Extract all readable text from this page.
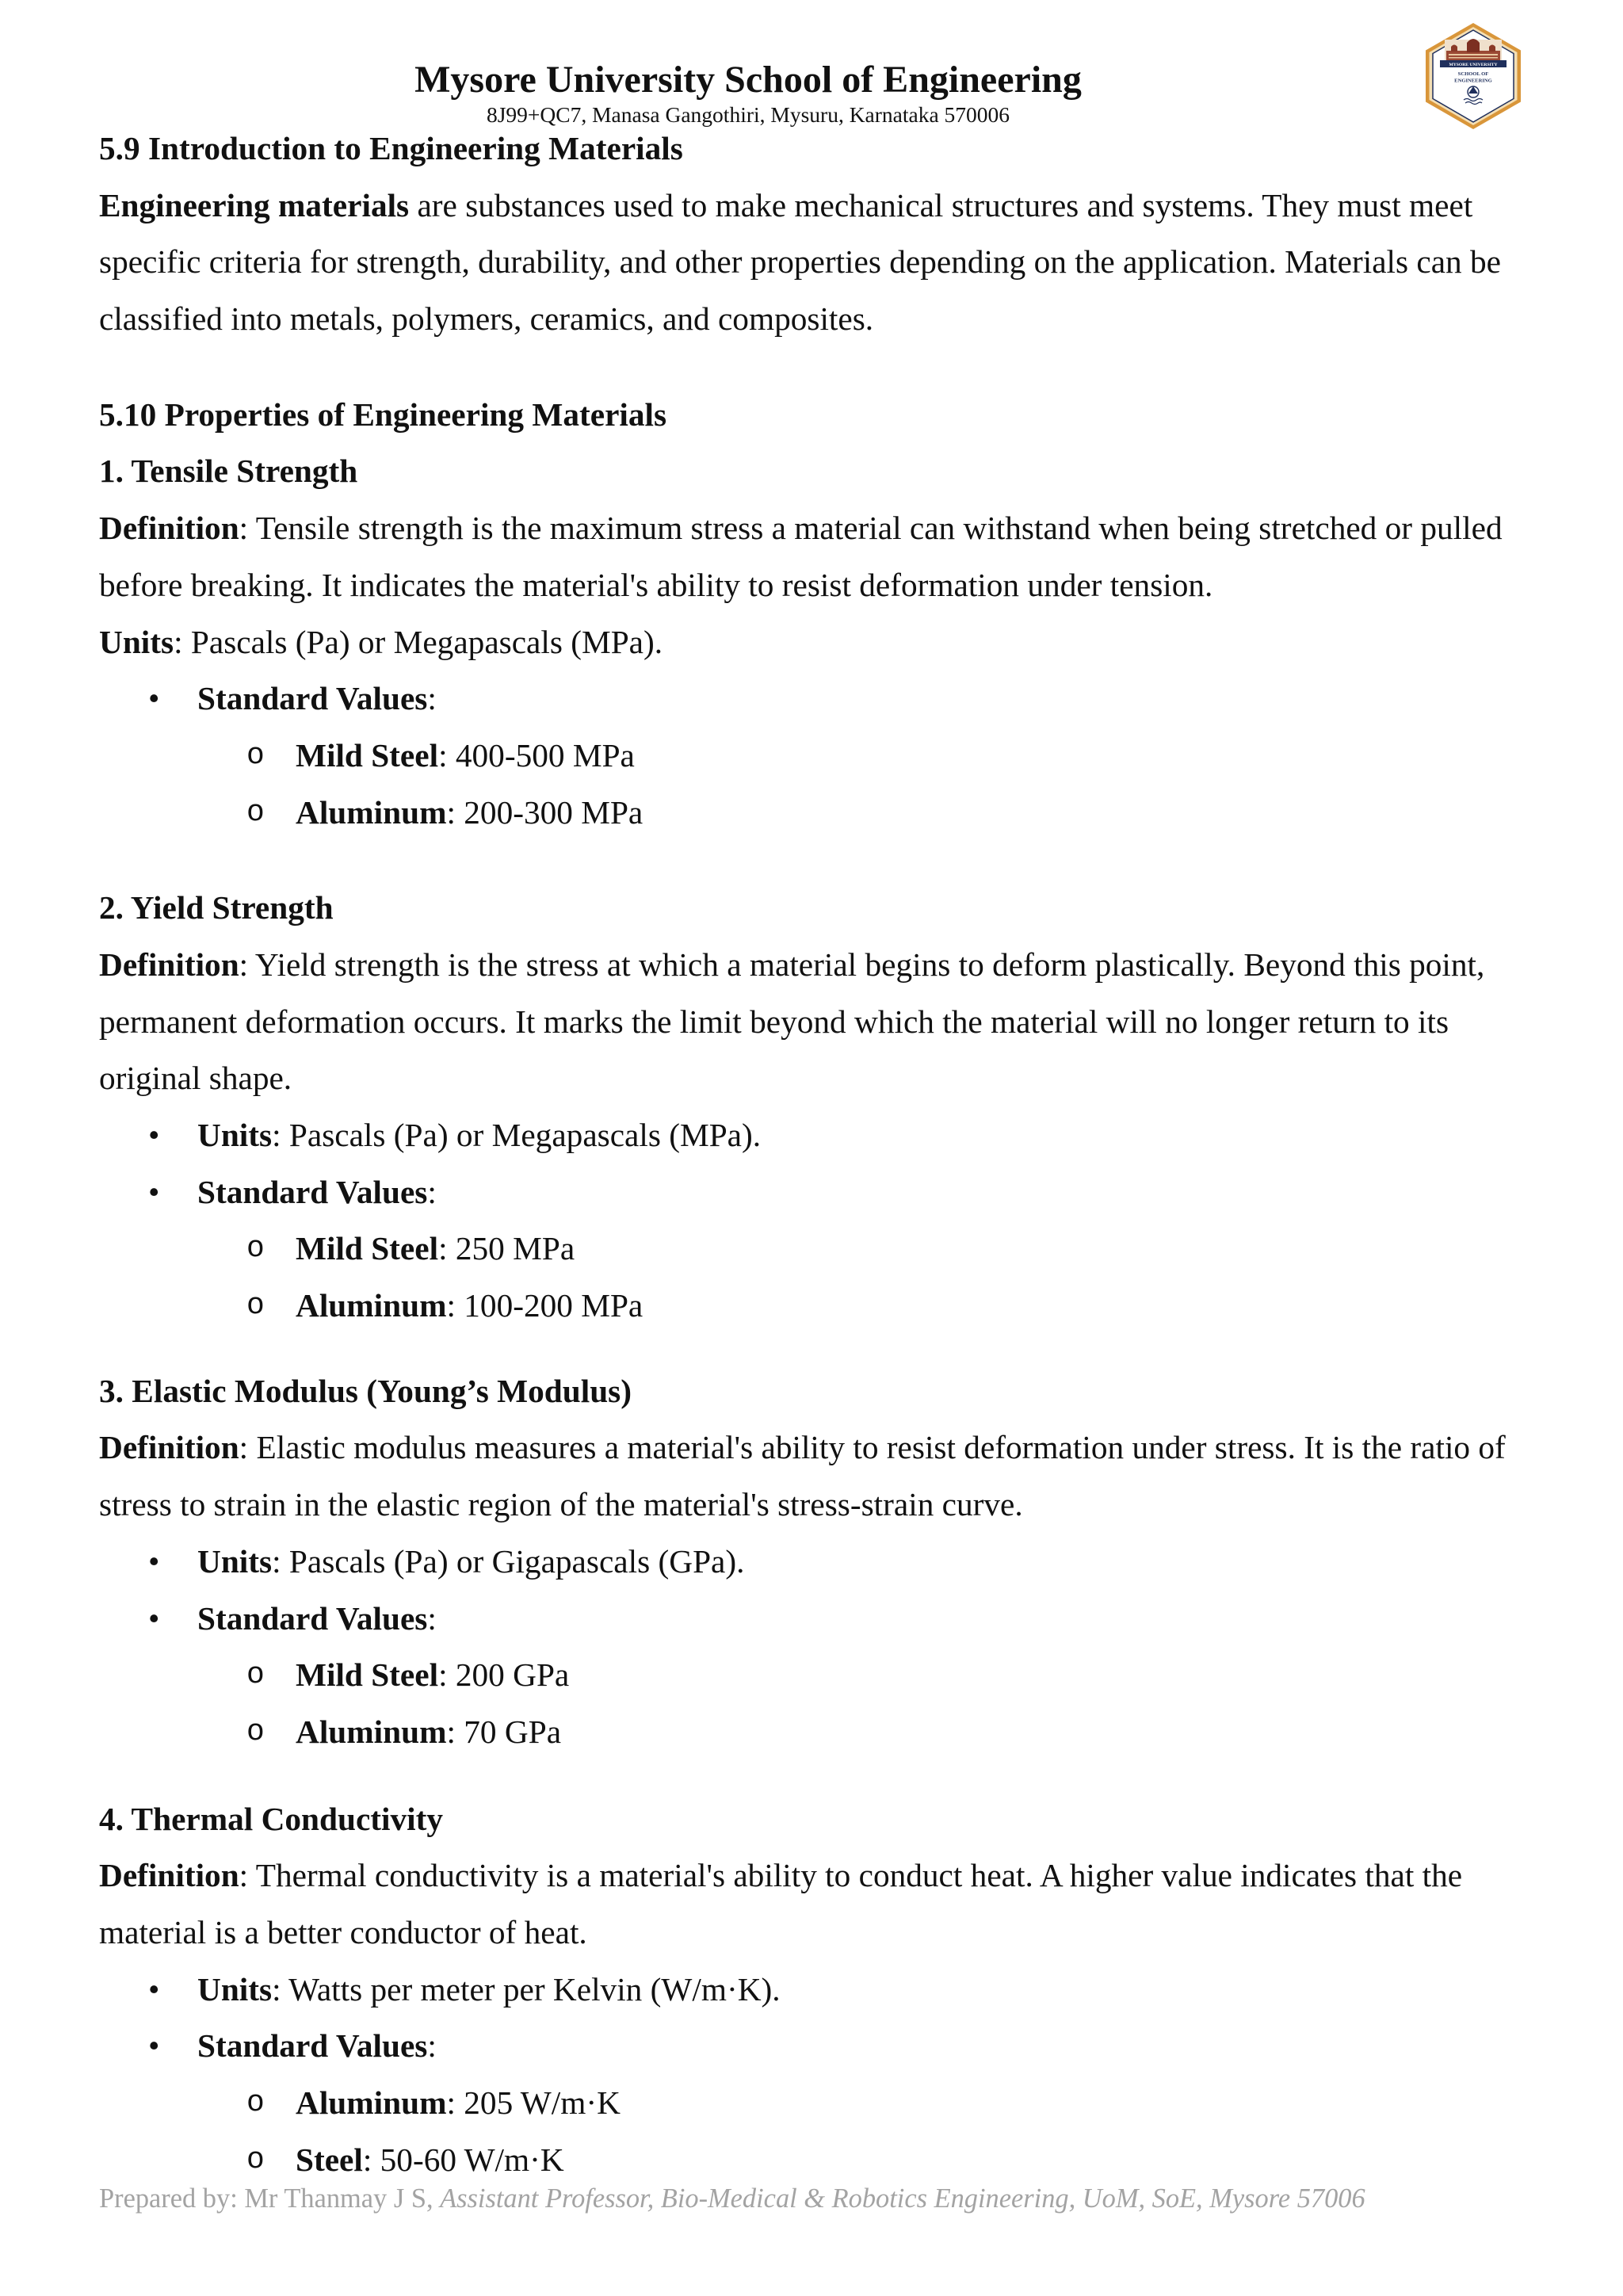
Mysore University School of Engineering
8J99+QC7, Manasa Gangothiri, Mysuru, Karnataka 570006
MYSORE UNIVERSITY
SCHOOL OF
ENGINEERING
5.9 Introduction to Engineering Materials
Engineering materials are substances used to make mechanical structures and systems. They must meet
specific criteria for strength, durability, and other properties depending on the application. Materials can be
classified into metals, polymers, ceramics, and composites.
5.10 Properties of Engineering Materials
1. Tensile Strength
Definition: Tensile strength is the maximum stress a material can withstand when being stretched or pulled
before breaking. It indicates the material's ability to resist deformation under tension.
Units: Pascals (Pa) or Megapascals (MPa).
• Standard Values:
o Mild Steel: 400-500 MPa
o Aluminum: 200-300 MPa
2. Yield Strength
Definition: Yield strength is the stress at which a material begins to deform plastically. Beyond this point,
permanent deformation occurs. It marks the limit beyond which the material will no longer return to its
original shape.
• Units: Pascals (Pa) or Megapascals (MPa).
• Standard Values:
o Mild Steel: 250 MPa
o Aluminum: 100-200 MPa
3. Elastic Modulus (Young’s Modulus)
Definition: Elastic modulus measures a material's ability to resist deformation under stress. It is the ratio of
stress to strain in the elastic region of the material's stress-strain curve.
• Units: Pascals (Pa) or Gigapascals (GPa).
• Standard Values:
o Mild Steel: 200 GPa
o Aluminum: 70 GPa
4. Thermal Conductivity
Definition: Thermal conductivity is a material's ability to conduct heat. A higher value indicates that the
material is a better conductor of heat.
• Units: Watts per meter per Kelvin (W/m·K).
• Standard Values:
o Aluminum: 205 W/m·K
o Steel: 50-60 W/m·K
Prepared by: Mr Thanmay J S, Assistant Professor, Bio-Medical & Robotics Engineering, UoM, SoE, Mysore 57006
